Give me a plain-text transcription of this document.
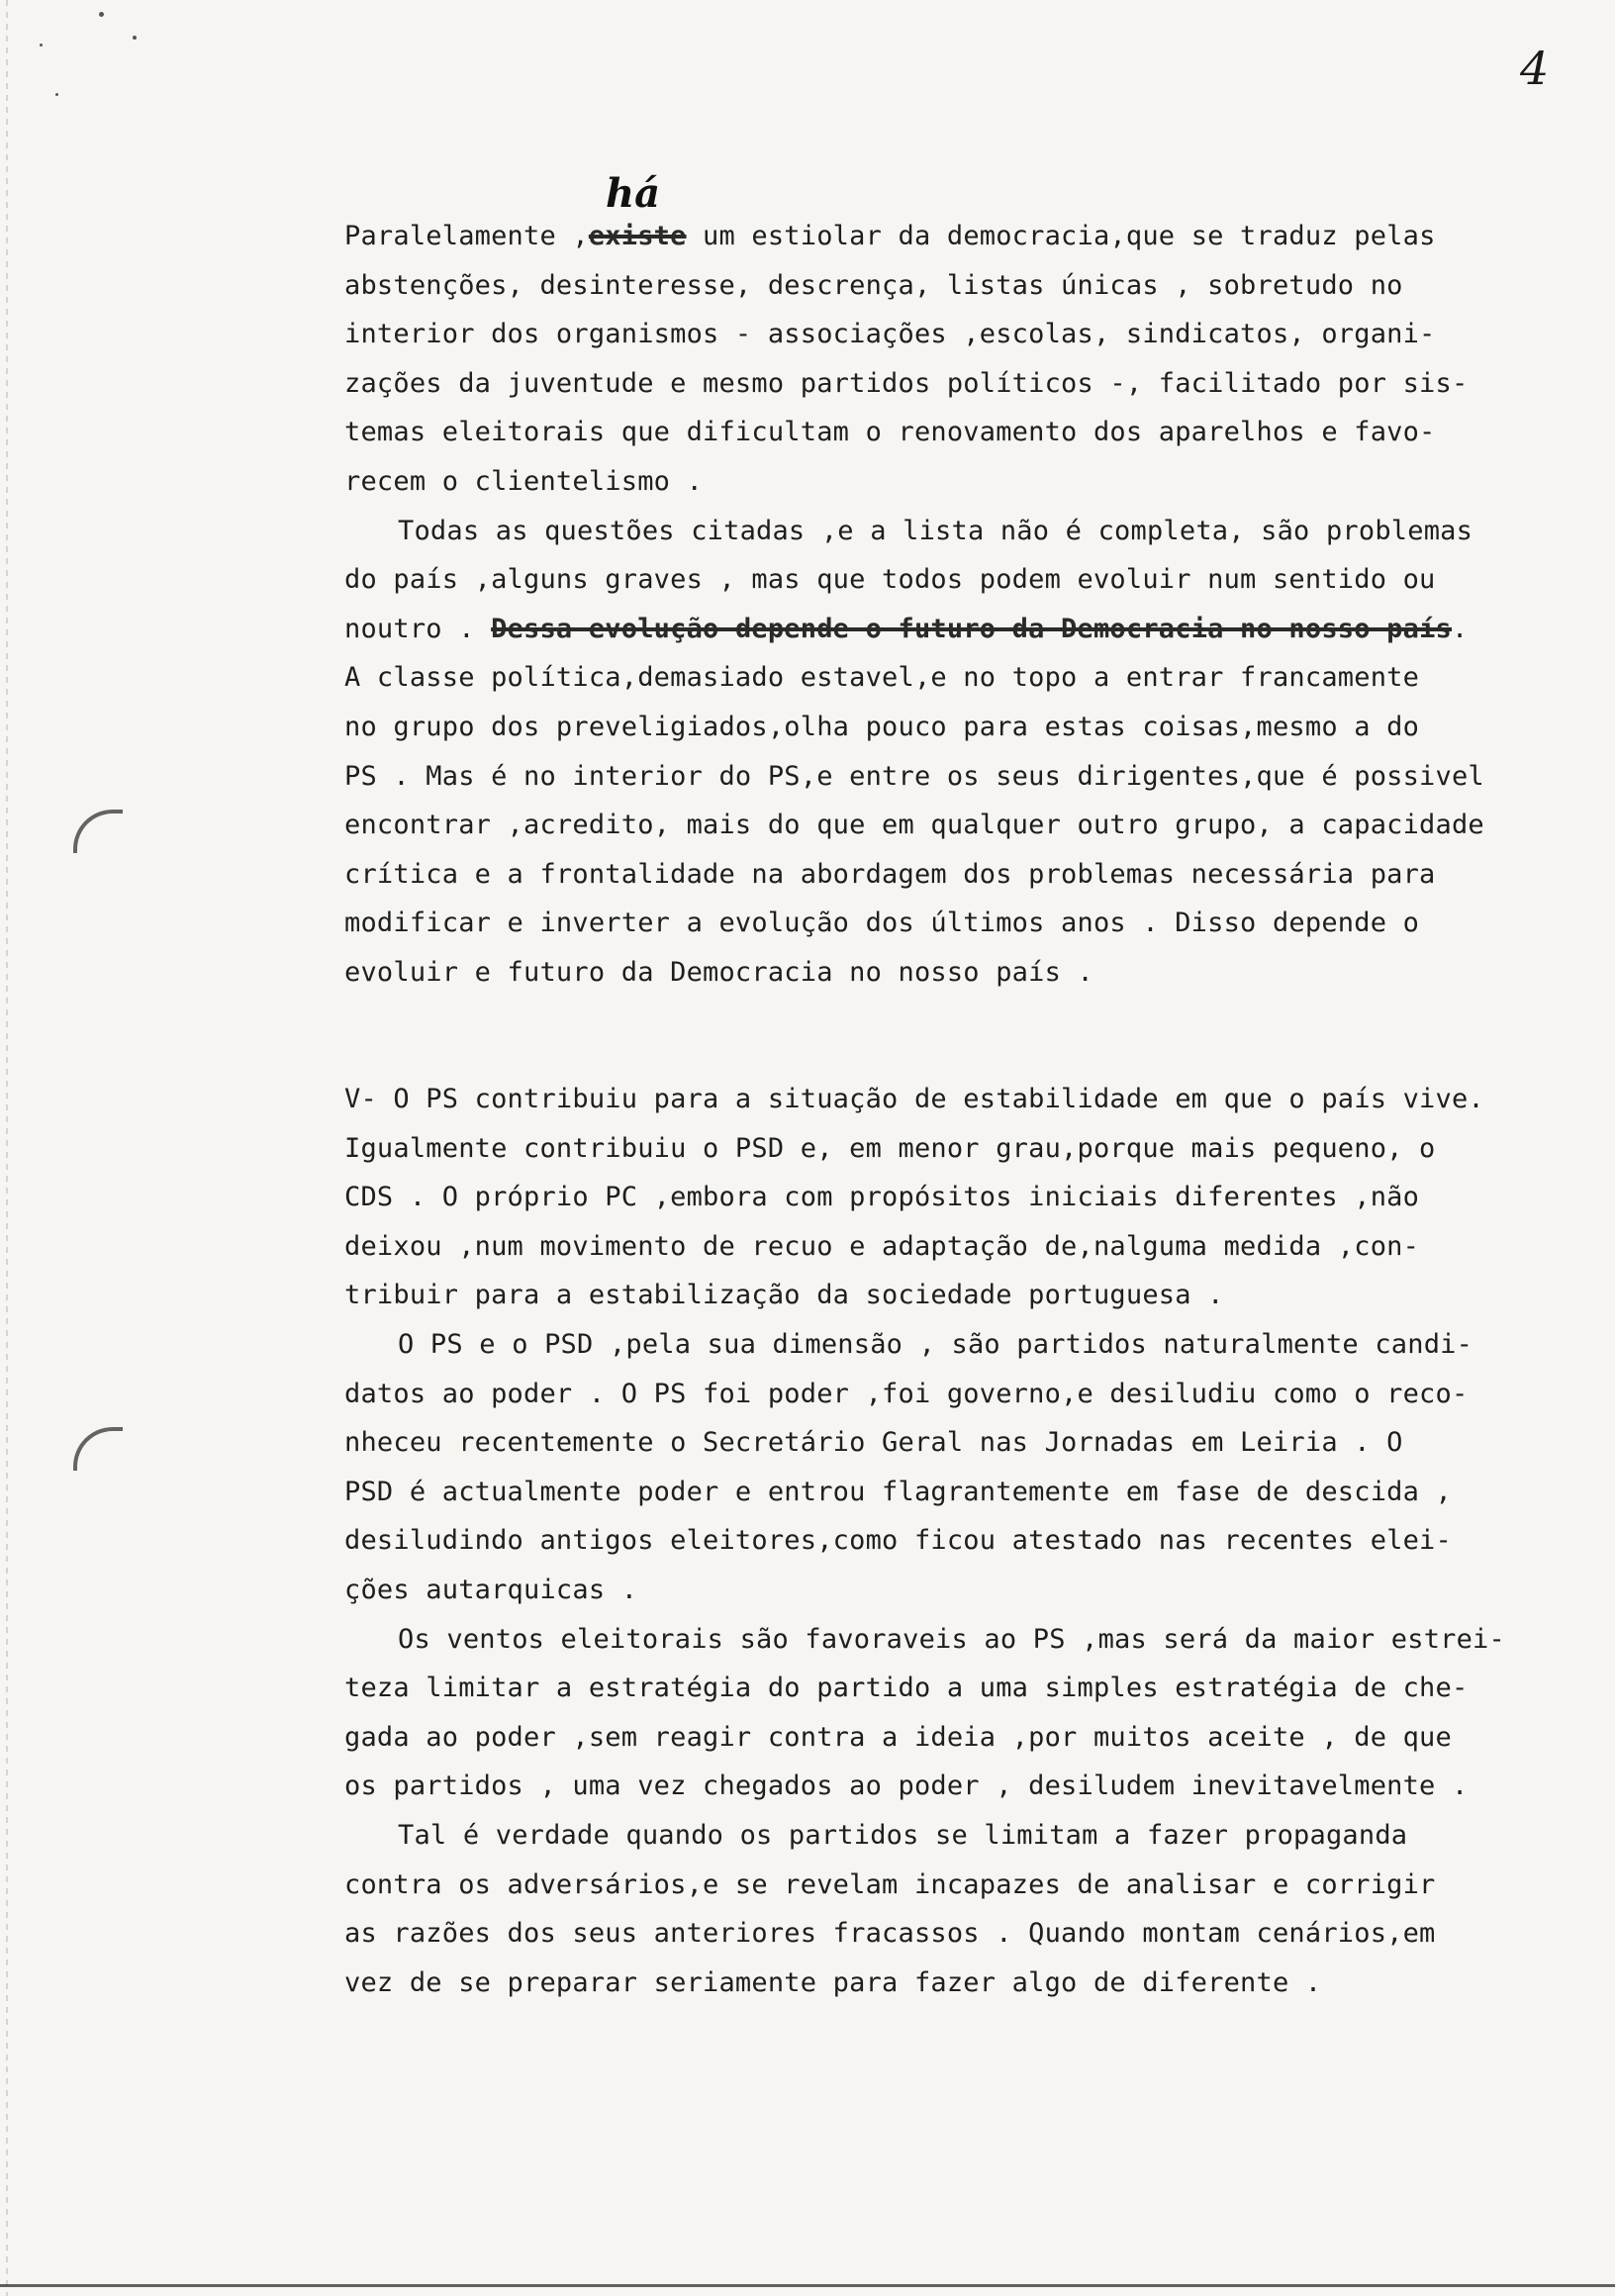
4
há
Paralelamente ,existe um estiolar da democracia,que se traduz pelas
abstenções, desinteresse, descrença, listas únicas , sobretudo no
interior dos organismos - associações ,escolas, sindicatos, organi-
zações da juventude e mesmo partidos políticos -, facilitado por sis-
temas eleitorais que dificultam o renovamento dos aparelhos e favo-
recem o clientelismo .
Todas as questões citadas ,e a lista não é completa, são problemas
do país ,alguns graves , mas que todos podem evoluir num sentido ou
noutro . Dessa evolução depende o futuro da Democracia no nosso país.
A classe política,demasiado estavel,e no topo a entrar francamente
no grupo dos preveligiados,olha pouco para estas coisas,mesmo a do
PS . Mas é no interior do PS,e entre os seus dirigentes,que é possivel
encontrar ,acredito, mais do que em qualquer outro grupo, a capacidade
crítica e a frontalidade na abordagem dos problemas necessária para
modificar e inverter a evolução dos últimos anos . Disso depende o
evoluir e futuro da Democracia no nosso país .
V- O PS contribuiu para a situação de estabilidade em que o país vive.
Igualmente contribuiu o PSD e, em menor grau,porque mais pequeno, o
CDS . O próprio PC ,embora com propósitos iniciais diferentes ,não
deixou ,num movimento de recuo e adaptação de,nalguma medida ,con-
tribuir para a estabilização da sociedade portuguesa .
O PS e o PSD ,pela sua dimensão , são partidos naturalmente candi-
datos ao poder . O PS foi poder ,foi governo,e desiludiu como o reco-
nheceu recentemente o Secretário Geral nas Jornadas em Leiria . O
PSD é actualmente poder e entrou flagrantemente em fase de descida ,
desiludindo antigos eleitores,como ficou atestado nas recentes elei-
ções autarquicas .
Os ventos eleitorais são favoraveis ao PS ,mas será da maior estrei-
teza limitar a estratégia do partido a uma simples estratégia de che-
gada ao poder ,sem reagir contra a ideia ,por muitos aceite , de que
os partidos , uma vez chegados ao poder , desiludem inevitavelmente .
Tal é verdade quando os partidos se limitam a fazer propaganda
contra os adversários,e se revelam incapazes de analisar e corrigir
as razões dos seus anteriores fracassos . Quando montam cenários,em
vez de se preparar seriamente para fazer algo de diferente .
